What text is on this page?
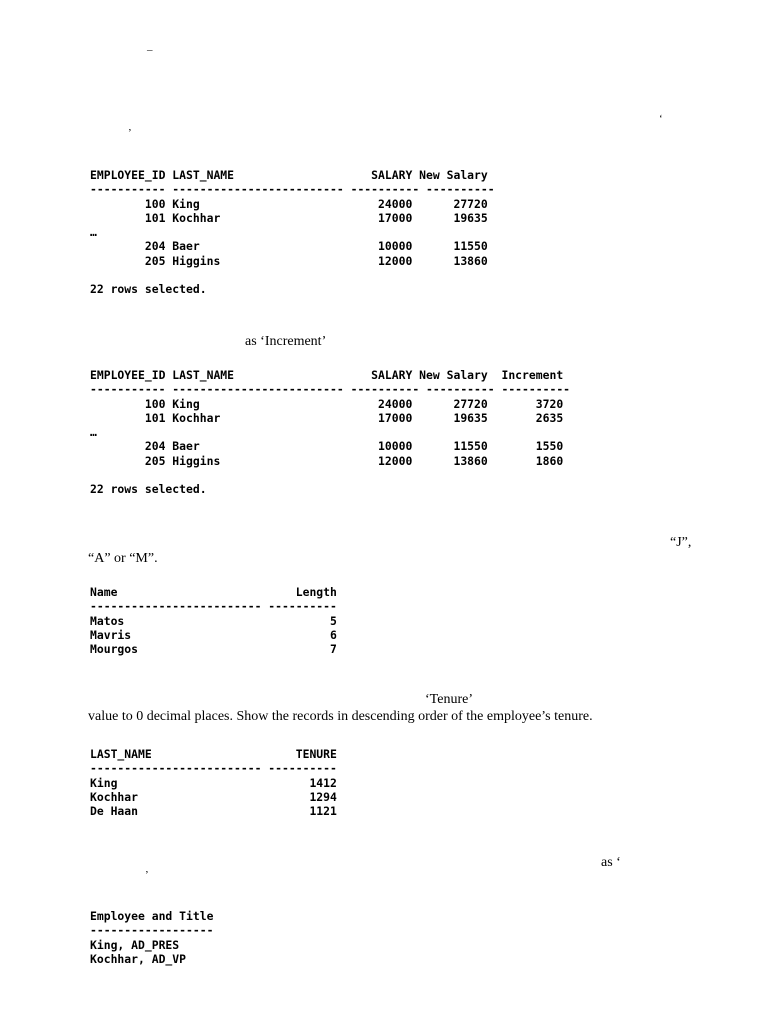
–
‘
’
EMPLOYEE_ID LAST_NAME                    SALARY New Salary
----------- ------------------------- ---------- ----------
100 King                          24000      27720
101 Kochhar                       17000      19635
…
204 Baer                          10000      11550
205 Higgins                       12000      13860

22 rows selected.
as ‘Increment’
EMPLOYEE_ID LAST_NAME                    SALARY New Salary  Increment
----------- ------------------------- ---------- ---------- ----------
100 King                          24000      27720       3720
101 Kochhar                       17000      19635       2635
…
204 Baer                          10000      11550       1550
205 Higgins                       12000      13860       1860

22 rows selected.
“J”,
“A” or “M”.
Name                          Length
------------------------- ----------
Matos                              5
Mavris                             6
Mourgos                            7
‘Tenure’
value to 0 decimal places. Show the records in descending order of the employee’s tenure.
LAST_NAME                     TENURE
------------------------- ----------
King                            1412
Kochhar                         1294
De Haan                         1121
as ‘
’
Employee and Title
------------------
King, AD_PRES
Kochhar, AD_VP
